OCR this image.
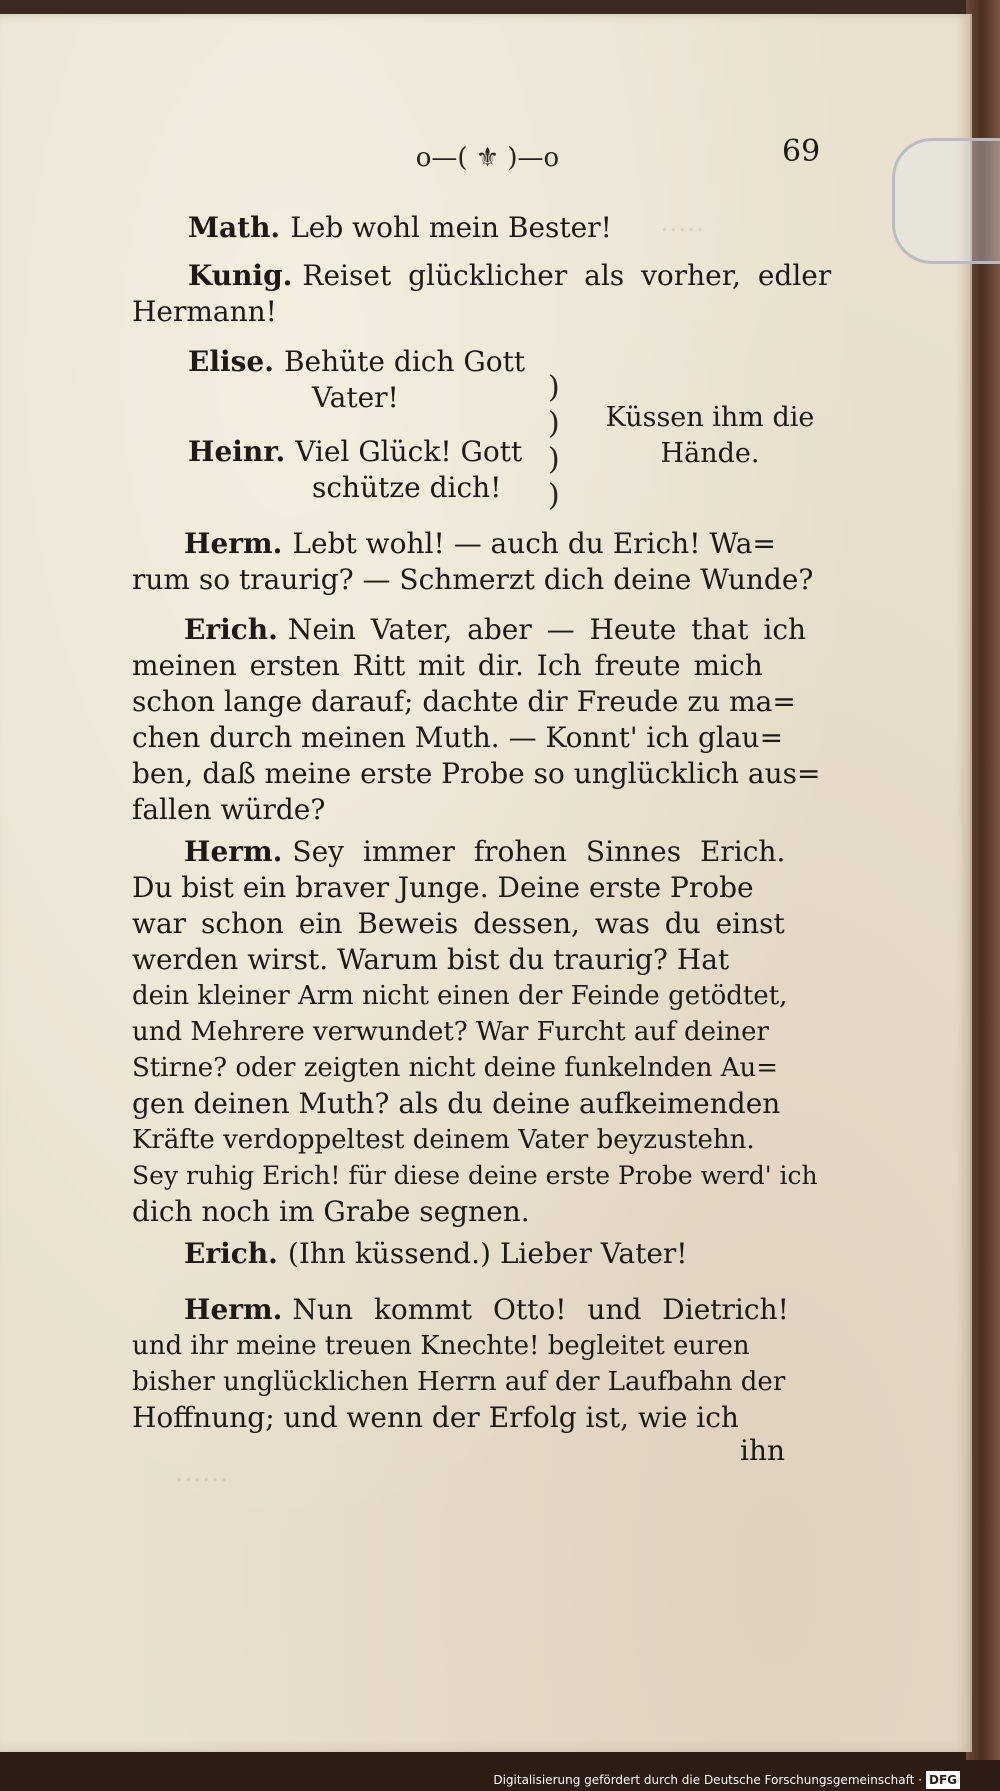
.....
o—( ⚜ )—o	69
Math. Leb wohl mein Bester!
Kunig. Reiset glücklicher als vorher, edler
Hermann!
Elise. Behüte dich Gott
Vater!
Heinr. Viel Glück! Gott
schütze dich!
)
)
)
)
Küssen ihm die
Hände.
Herm. Lebt wohl! — auch du Erich! Wa=
rum so traurig? — Schmerzt dich deine Wunde?
Erich. Nein Vater, aber — Heute that ich
meinen ersten Ritt mit dir. Ich freute mich
schon lange darauf; dachte dir Freude zu ma=
chen durch meinen Muth. — Konnt' ich glau=
ben, daß meine erste Probe so unglücklich aus=
fallen würde?
Herm. Sey immer frohen Sinnes Erich.
Du bist ein braver Junge. Deine erste Probe
war schon ein Beweis dessen, was du einst
werden wirst. Warum bist du traurig? Hat
dein kleiner Arm nicht einen der Feinde getödtet,
und Mehrere verwundet? War Furcht auf deiner
Stirne? oder zeigten nicht deine funkelnden Au=
gen deinen Muth? als du deine aufkeimenden
Kräfte verdoppeltest deinem Vater beyzustehn.
Sey ruhig Erich! für diese deine erste Probe werd' ich
dich noch im Grabe segnen.
Erich. (Ihn küssend.) Lieber Vater!
Herm. Nun kommt Otto! und Dietrich!
und ihr meine treuen Knechte! begleitet euren
bisher unglücklichen Herrn auf der Laufbahn der
Hoffnung; und wenn der Erfolg ist, wie ich
ihn
......
Digitalisierung gefördert durch die Deutsche Forschungsgemeinschaft · DFG
